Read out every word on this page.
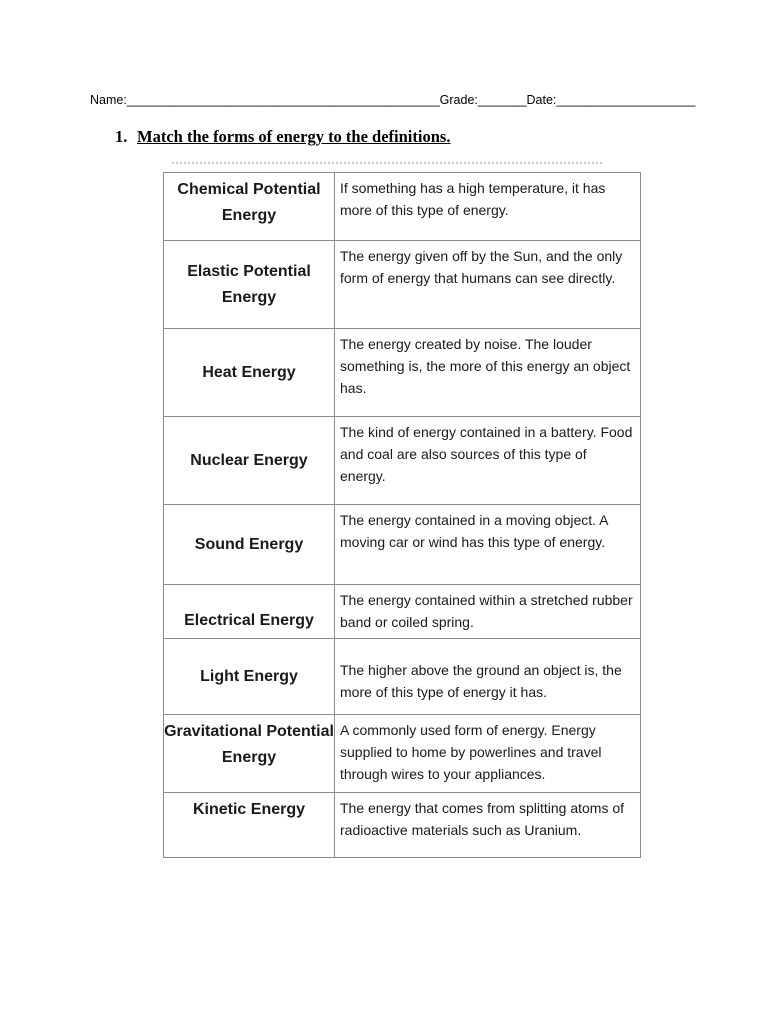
Name:_____________________________________________Grade:_______Date:____________________
1. Match the forms of energy to the definitions.
Chemical Potential Energy	If something has a high temperature, it has more of this type of energy.
Elastic Potential Energy	The energy given off by the Sun, and the only form of energy that humans can see directly.
Heat Energy	The energy created by noise. The louder something is, the more of this energy an object has.
Nuclear Energy	The kind of energy contained in a battery. Food and coal are also sources of this type of energy.
Sound Energy	The energy contained in a moving object. A moving car or wind has this type of energy.
Electrical Energy	The energy contained within a stretched rubber band or coiled spring.
Light Energy	The higher above the ground an object is, the more of this type of energy it has.
Gravitational Potential Energy	A commonly used form of energy. Energy supplied to home by powerlines and travel through wires to your appliances.
Kinetic Energy	The energy that comes from splitting atoms of radioactive materials such as Uranium.
